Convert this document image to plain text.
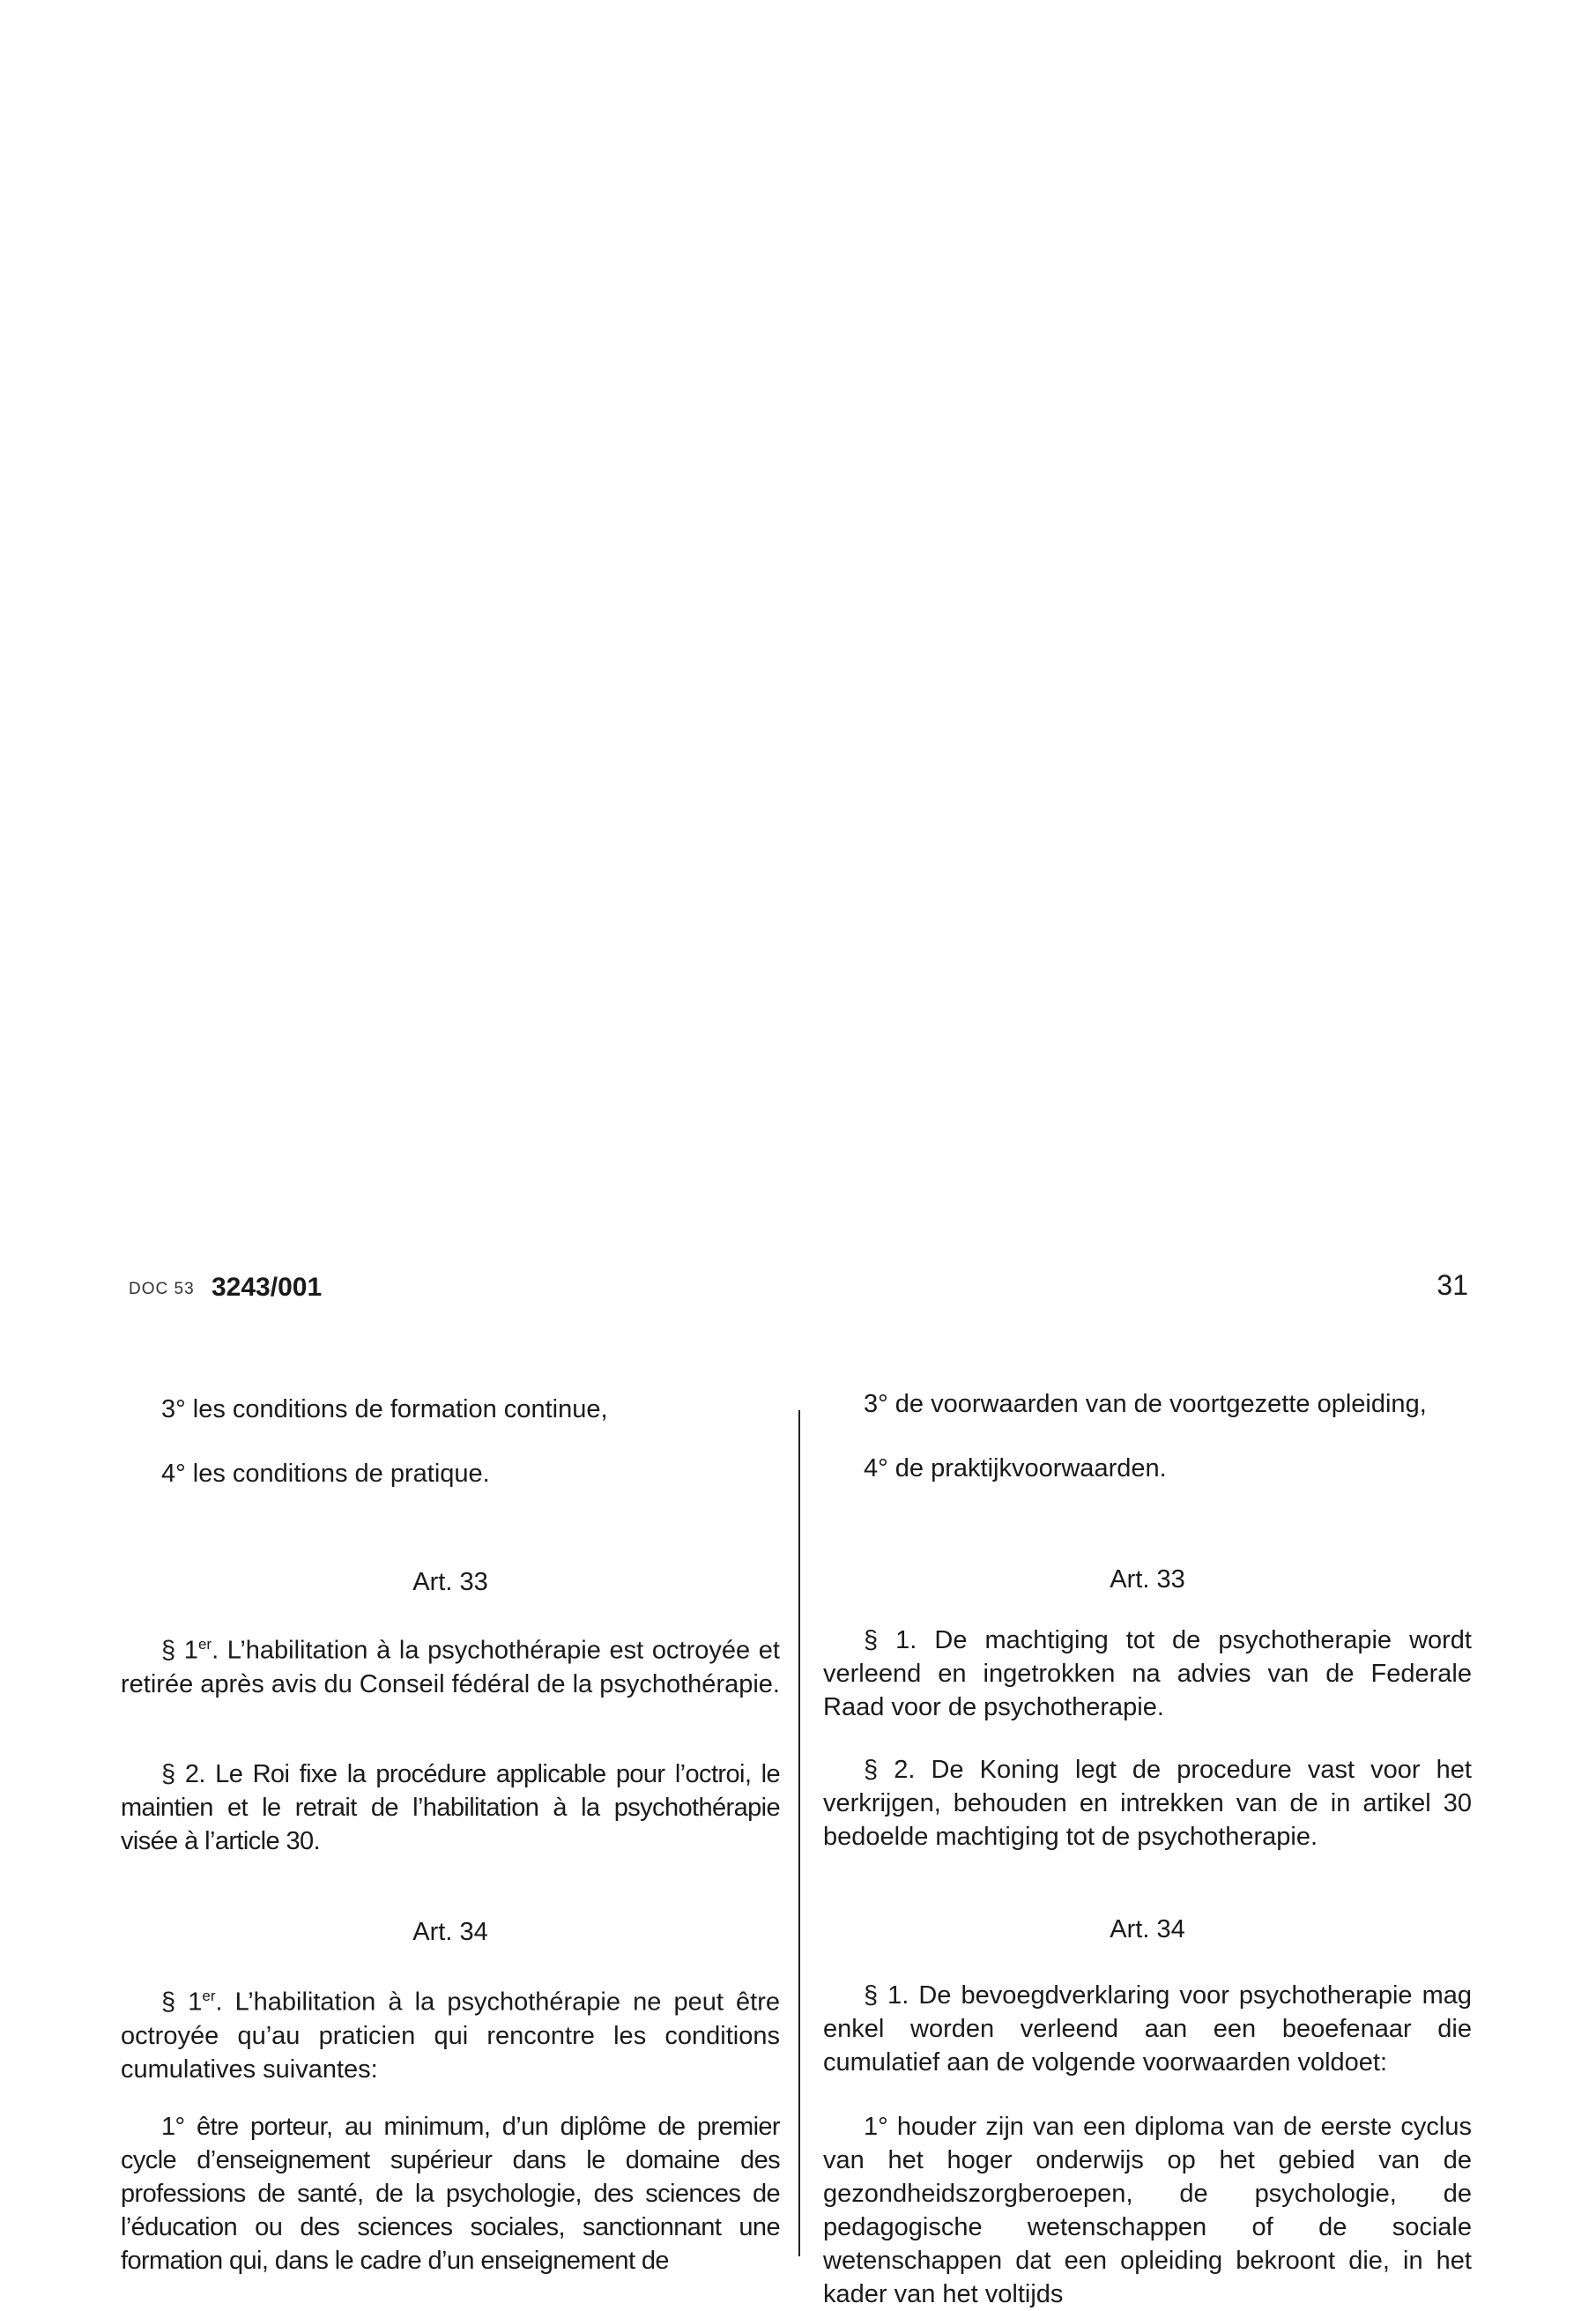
DOC 53 3243/001	31

3° les conditions de formation continue,

4° les conditions de pratique.

Art. 33

§ 1er. L’habilitation à la psychothérapie est octroyée et retirée après avis du Conseil fédéral de la psychothérapie.

§ 2. Le Roi fixe la procédure applicable pour l’octroi, le maintien et le retrait de l’habilitation à la psychothérapie visée à l’article 30.

Art. 34

§ 1er. L’habilitation à la psychothérapie ne peut être octroyée qu’au praticien qui rencontre les conditions cumulatives suivantes:

1° être porteur, au minimum, d’un diplôme de premier cycle d’enseignement supérieur dans le domaine des professions de santé, de la psychologie, des sciences de l’éducation ou des sciences sociales, sanctionnant une formation qui, dans le cadre d’un enseignement de

3° de voorwaarden van de voortgezette opleiding,

4° de praktijkvoorwaarden.

Art. 33

§ 1. De machtiging tot de psychotherapie wordt verleend en ingetrokken na advies van de Federale Raad voor de psychotherapie.

§ 2. De Koning legt de procedure vast voor het verkrijgen, behouden en intrekken van de in artikel 30 bedoelde machtiging tot de psychotherapie.

Art. 34

§ 1. De bevoegdverklaring voor psychotherapie mag enkel worden verleend aan een beoefenaar die cumulatief aan de volgende voorwaarden voldoet:

1° houder zijn van een diploma van de eerste cyclus van het hoger onderwijs op het gebied van de gezondheidszorgberoepen, de psychologie, de pedagogische wetenschappen of de sociale wetenschappen dat een opleiding bekroont die, in het kader van het voltijds
